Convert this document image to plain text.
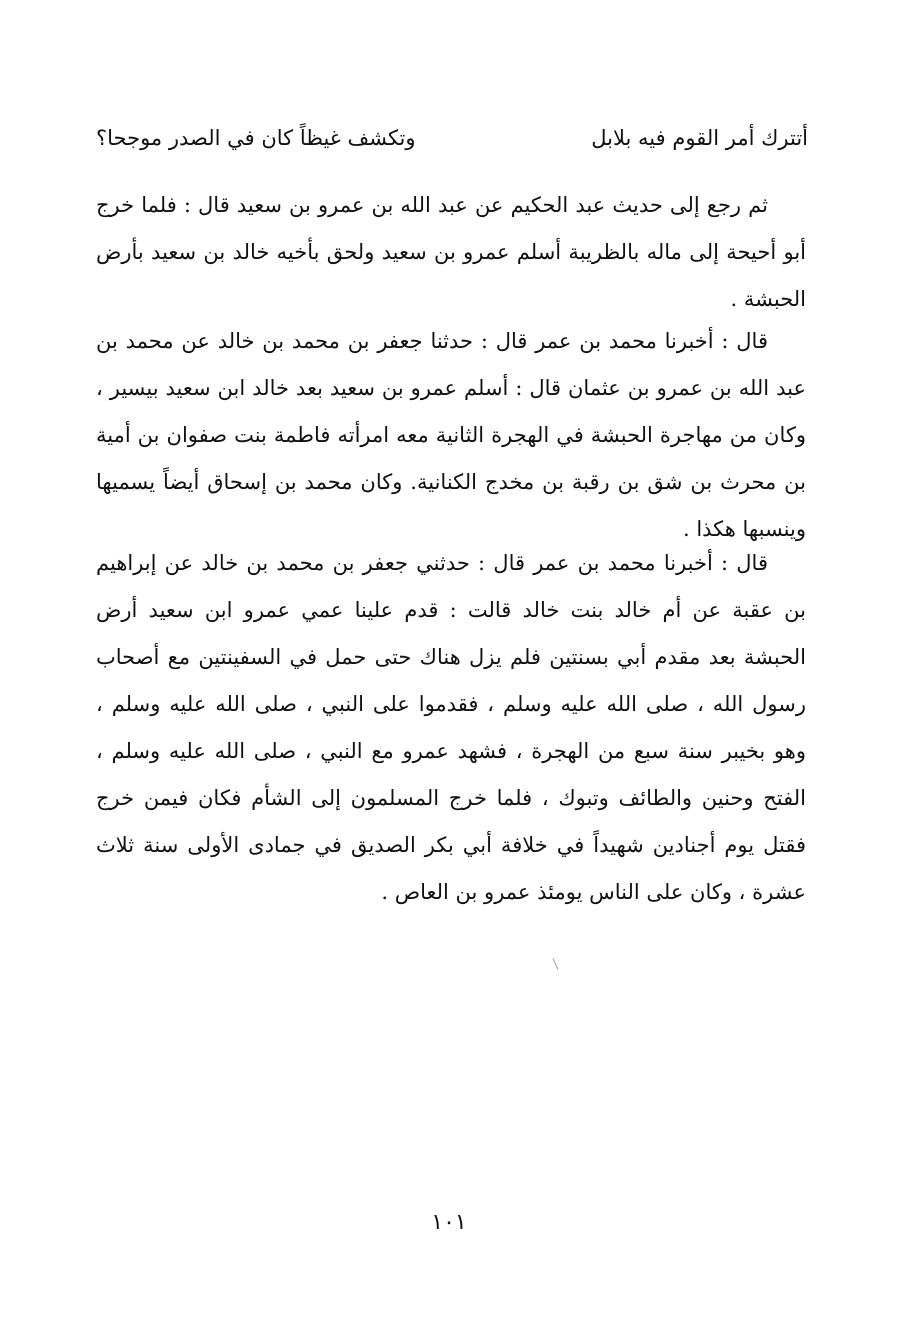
أتترك أمر القوم فيه بلابل
وتكشف غيظاً كان في الصدر موجحا؟

ثم رجع إلى حديث عبد الحكيم عن عبد الله بن عمرو بن سعيد قال : فلما خرج أبو أحيحة إلى ماله بالظريبة أسلم عمرو بن سعيد ولحق بأخيه خالد بن سعيد بأرض الحبشة .

قال : أخبرنا محمد بن عمر قال : حدثنا جعفر بن محمد بن خالد عن محمد بن عبد الله بن عمرو بن عثمان قال : أسلم عمرو بن سعيد بعد خالد ابن سعيد بيسير ، وكان من مهاجرة الحبشة في الهجرة الثانية معه امرأته فاطمة بنت صفوان بن أمية بن محرث بن شق بن رقبة بن مخدج الكنانية. وكان محمد بن إسحاق أيضاً يسميها وينسبها هكذا .

قال : أخبرنا محمد بن عمر قال : حدثني جعفر بن محمد بن خالد عن إبراهيم بن عقبة عن أم خالد بنت خالد قالت : قدم علينا عمي عمرو ابن سعيد أرض الحبشة بعد مقدم أبي بسنتين فلم يزل هناك حتى حمل في السفينتين مع أصحاب رسول الله ، صلى الله عليه وسلم ، فقدموا على النبي ، صلى الله عليه وسلم ، وهو بخيبر سنة سبع من الهجرة ، فشهد عمرو مع النبي ، صلى الله عليه وسلم ، الفتح وحنين والطائف وتبوك ، فلما خرج المسلمون إلى الشأم فكان فيمن خرج فقتل يوم أجنادين شهيداً في خلافة أبي بكر الصديق في جمادى الأولى سنة ثلاث عشرة ، وكان على الناس يومئذ عمرو بن العاص .

١٠١
